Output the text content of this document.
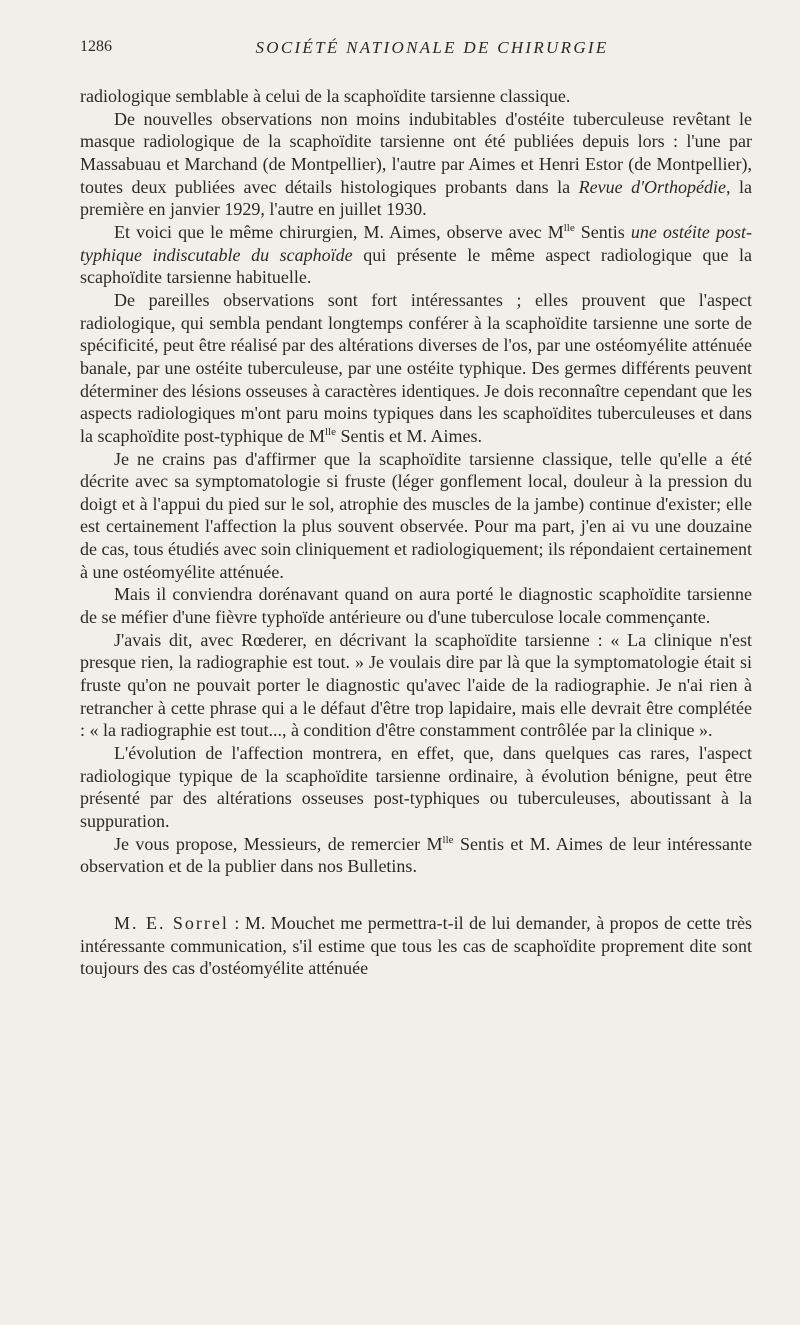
1286	SOCIÉTÉ NATIONALE DE CHIRURGIE

radiologique semblable à celui de la scaphoïdite tarsienne classique.

De nouvelles observations non moins indubitables d'ostéite tuberculeuse revêtant le masque radiologique de la scaphoïdite tarsienne ont été publiées depuis lors : l'une par Massabuau et Marchand (de Montpellier), l'autre par Aimes et Henri Estor (de Montpellier), toutes deux publiées avec détails histologiques probants dans la Revue d'Orthopédie, la première en janvier 1929, l'autre en juillet 1930.

Et voici que le même chirurgien, M. Aimes, observe avec $M^{lle}$ Sentis une ostéite post-typhique indiscutable du scaphoïde qui présente le même aspect radiologique que la scaphoïdite tarsienne habituelle.

De pareilles observations sont fort intéressantes ; elles prouvent que l'aspect radiologique, qui sembla pendant longtemps conférer à la scaphoïdite tarsienne une sorte de spécificité, peut être réalisé par des altérations diverses de l'os, par une ostéomyélite atténuée banale, par une ostéite tuberculeuse, par une ostéite typhique. Des germes différents peuvent déterminer des lésions osseuses à caractères identiques. Je dois reconnaître cependant que les aspects radiologiques m'ont paru moins typiques dans les scaphoïdites tuberculeuses et dans la scaphoïdite post-typhique de $M^{lle}$ Sentis et M. Aimes.

Je ne crains pas d'affirmer que la scaphoïdite tarsienne classique, telle qu'elle a été décrite avec sa symptomatologie si fruste (léger gonflement local, douleur à la pression du doigt et à l'appui du pied sur le sol, atrophie des muscles de la jambe) continue d'exister; elle est certainement l'affection la plus souvent observée. Pour ma part, j'en ai vu une douzaine de cas, tous étudiés avec soin cliniquement et radiologiquement; ils répondaient certainement à une ostéomyélite atténuée.

Mais il conviendra dorénavant quand on aura porté le diagnostic scaphoïdite tarsienne de se méfier d'une fièvre typhoïde antérieure ou d'une tuberculose locale commençante.

J'avais dit, avec Rœderer, en décrivant la scaphoïdite tarsienne : « La clinique n'est presque rien, la radiographie est tout. » Je voulais dire par là que la symptomatologie était si fruste qu'on ne pouvait porter le diagnostic qu'avec l'aide de la radiographie. Je n'ai rien à retrancher à cette phrase qui a le défaut d'être trop lapidaire, mais elle devrait être complétée : « la radiographie est tout..., à condition d'être constamment contrôlée par la clinique ».

L'évolution de l'affection montrera, en effet, que, dans quelques cas rares, l'aspect radiologique typique de la scaphoïdite tarsienne ordinaire, à évolution bénigne, peut être présenté par des altérations osseuses post-typhiques ou tuberculeuses, aboutissant à la suppuration.

Je vous propose, Messieurs, de remercier $M^{lle}$ Sentis et M. Aimes de leur intéressante observation et de la publier dans nos Bulletins.

M. E. Sorrel : M. Mouchet me permettra-t-il de lui demander, à propos de cette très intéressante communication, s'il estime que tous les cas de scaphoïdite proprement dite sont toujours des cas d'ostéomyélite atténuée
